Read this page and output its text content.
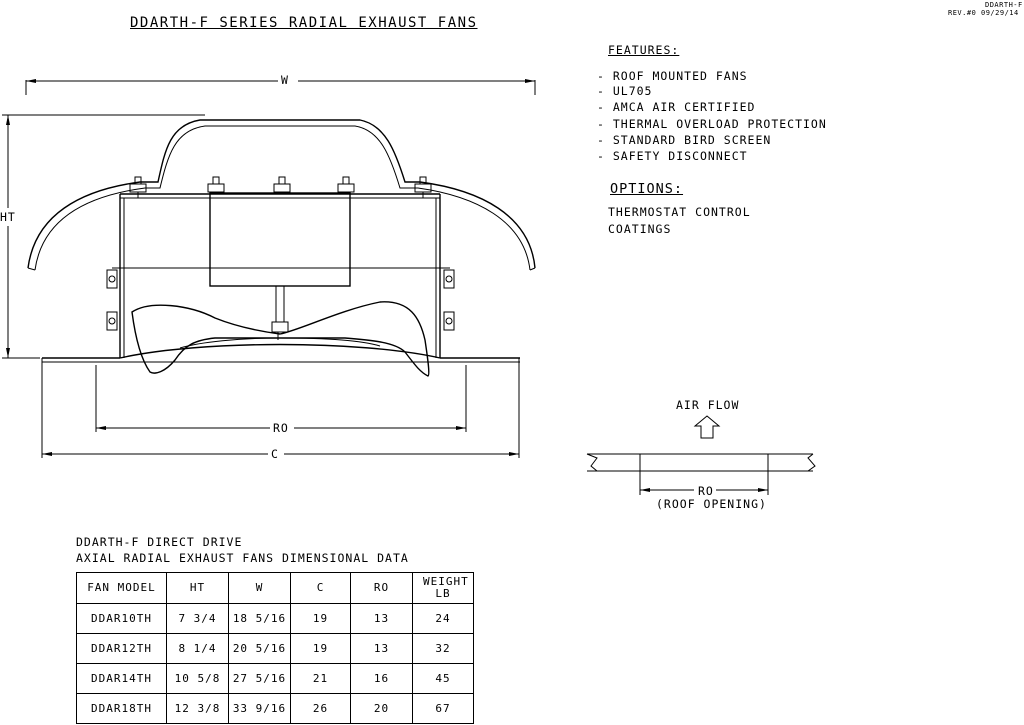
DDARTH-F SERIES RADIAL EXHAUST FANS
DDARTH-F
REV.#0 09/29/14
W
HT
RO
C
FEATURES:
- ROOF MOUNTED FANS
- UL705
- AMCA AIR CERTIFIED
- THERMAL OVERLOAD PROTECTION
- STANDARD BIRD SCREEN
- SAFETY DISCONNECT
OPTIONS:
THERMOSTAT CONTROL
COATINGS
AIR FLOW
RO
(ROOF OPENING)
DDARTH-F DIRECT DRIVE
AXIAL RADIAL EXHAUST FANS DIMENSIONAL DATA
FAN MODEL	HT	W	C	RO	WEIGHT LB
DDAR10TH	7 3/4	18 5/16	19	13	24
DDAR12TH	8 1/4	20 5/16	19	13	32
DDAR14TH	10 5/8	27 5/16	21	16	45
DDAR18TH	12 3/8	33 9/16	26	20	67
